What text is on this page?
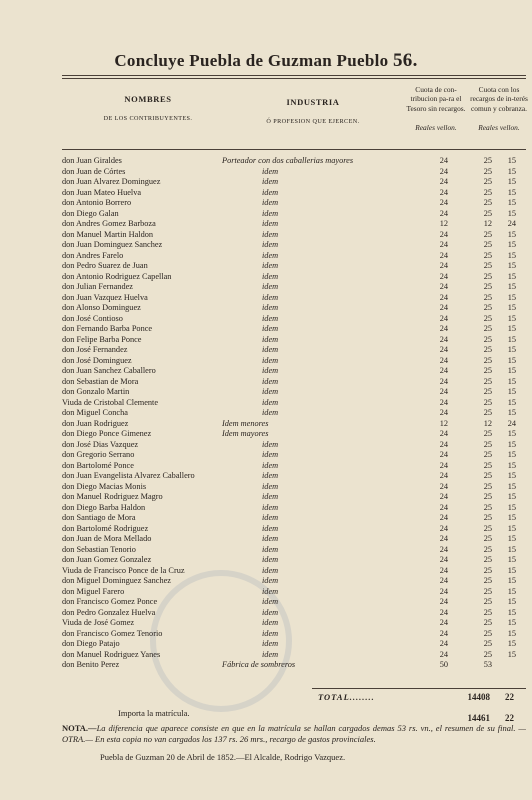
Concluye Puebla de Guzman Pueblo 56.
NOMBRES
DE LOS CONTRIBUYENTES.
INDUSTRIA
Ó PROFESION QUE EJERCEN.
Cuota de con-tribucion pa-ra el Tesoro sin recargos.
Reales vellon.
Cuota con los recargos de in-terés comun y cobranza.
Reales vellon.
don Juan Giraldes	Porteador con dos caballerias mayores	24	25	15
don Juan de Córtes	idem	24	25	15
don Juan Alvarez Dominguez	idem	24	25	15
don Juan Mateo Huelva	idem	24	25	15
don Antonio Borrero	idem	24	25	15
don Diego Galan	idem	24	25	15
don Andres Gomez Barboza	idem	12	12	24
don Manuel Martin Haldon	idem	24	25	15
don Juan Dominguez Sanchez	idem	24	25	15
don Andres Farelo	idem	24	25	15
don Pedro Suarez de Juan	idem	24	25	15
don Antonio Rodriguez Capellan	idem	24	25	15
don Julian Fernandez	idem	24	25	15
don Juan Vazquez Huelva	idem	24	25	15
don Alonso Dominguez	idem	24	25	15
don José Contioso	idem	24	25	15
don Fernando Barba Ponce	idem	24	25	15
don Felipe Barba Ponce	idem	24	25	15
don José Fernandez	idem	24	25	15
don José Dominguez	idem	24	25	15
don Juan Sanchez Caballero	idem	24	25	15
don Sebastian de Mora	idem	24	25	15
don Gonzalo Martin	idem	24	25	15
Viuda de Cristobal Clemente	idem	24	25	15
don Miguel Concha	idem	24	25	15
don Juan Rodriguez	Idem menores	12	12	24
don Diego Ponce Gimenez	Idem mayores	24	25	15
don José Dias Vazquez	idem	24	25	15
don Gregorio Serrano	idem	24	25	15
don Bartolomé Ponce	idem	24	25	15
don Juan Evangelista Alvarez Caballero	idem	24	25	15
don Diego Macias Monis	idem	24	25	15
don Manuel Rodriguez Magro	idem	24	25	15
don Diego Barba Haldon	idem	24	25	15
don Santiago de Mora	idem	24	25	15
don Bartolomé Rodriguez	idem	24	25	15
don Juan de Mora Mellado	idem	24	25	15
don Sebastian Tenorio	idem	24	25	15
don Juan Gomez Gonzalez	idem	24	25	15
Viuda de Francisco Ponce de la Cruz	idem	24	25	15
don Miguel Dominguez Sanchez	idem	24	25	15
don Miguel Farero	idem	24	25	15
don Francisco Gomez Ponce	idem	24	25	15
don Pedro Gonzalez Huelva	idem	24	25	15
Viuda de José Gomez	idem	24	25	15
don Francisco Gomez Tenorio	idem	24	25	15
don Diego Patajo	idem	24	25	15
don Manuel Rodriguez Yanes	idem	24	25	15
don Benito Perez	Fábrica de sombreros	50	53
TOTAL........	14408	22
Importa la matrícula.	14461	22
NOTA.—La diferencia que aparece consiste en que en la matrícula se hallan cargados demas 53 rs. vn., el resumen de su final. —OTRA.— En esta copia no van cargados los 137 rs. 26 mrs., recargo de gastos provinciales.
Puebla de Guzman 20 de Abril de 1852.—El Alcalde, Rodrigo Vazquez.
